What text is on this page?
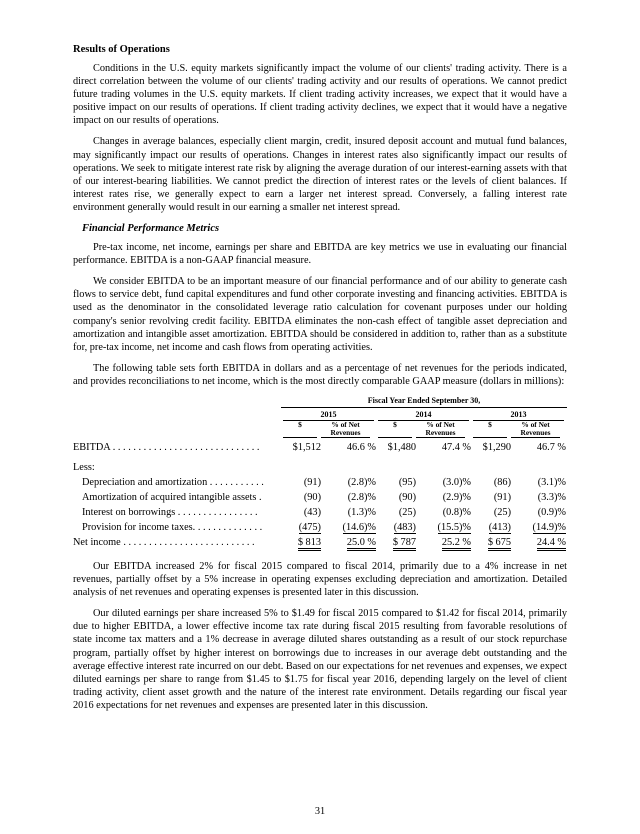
Results of Operations

Conditions in the U.S. equity markets significantly impact the volume of our clients' trading activity. There is a direct correlation between the volume of our clients' trading activity and our results of operations. We cannot predict future trading volumes in the U.S. equity markets. If client trading activity increases, we expect that it would have a positive impact on our results of operations. If client trading activity declines, we expect that it would have a negative impact on our results of operations.

Changes in average balances, especially client margin, credit, insured deposit account and mutual fund balances, may significantly impact our results of operations. Changes in interest rates also significantly impact our results of operations. We seek to mitigate interest rate risk by aligning the average duration of our interest-earning assets with that of our interest-bearing liabilities. We cannot predict the direction of interest rates or the levels of client balances. If interest rates rise, we generally expect to earn a larger net interest spread. Conversely, a falling interest rate environment generally would result in our earning a smaller net interest spread.

Financial Performance Metrics

Pre-tax income, net income, earnings per share and EBITDA are key metrics we use in evaluating our financial performance. EBITDA is a non-GAAP financial measure.

We consider EBITDA to be an important measure of our financial performance and of our ability to generate cash flows to service debt, fund capital expenditures and fund other corporate investing and financing activities. EBITDA is used as the denominator in the consolidated leverage ratio calculation for covenant purposes under our holding company's senior revolving credit facility. EBITDA eliminates the non-cash effect of tangible asset depreciation and amortization and intangible asset amortization. EBITDA should be considered in addition to, rather than as a substitute for, pre-tax income, net income and cash flows from operating activities.

The following table sets forth EBITDA in dollars and as a percentage of net revenues for the periods indicated, and provides reconciliations to net income, which is the most directly comparable GAAP measure (dollars in millions):

Fiscal Year Ended September 30,
2015	2014	2013
$	% of Net Revenues
$	% of Net Revenues
$	% of Net Revenues
EBITDA . . . . . . . . . . . . . . . . . . . . . . . . . . . . .	$1,512	46.6 %	$1,480	47.4 %	$1,290	46.7 %
Less:
Depreciation and amortization . . . . . . . . . . .	(91)	(2.8)%	(95)	(3.0)%	(86)	(3.1)%
Amortization of acquired intangible assets .	(90)	(2.8)%	(90)	(2.9)%	(91)	(3.3)%
Interest on borrowings . . . . . . . . . . . . . . . .	(43)	(1.3)%	(25)	(0.8)%	(25)	(0.9)%
Provision for income taxes. . . . . . . . . . . . . .	(475)	(14.6)%	(483)	(15.5)%	(413)	(14.9)%
Net income . . . . . . . . . . . . . . . . . . . . . . . . . .	$ 813	25.0 %	$ 787	25.2 %	$ 675	24.4 %

Our EBITDA increased 2% for fiscal 2015 compared to fiscal 2014, primarily due to a 4% increase in net revenues, partially offset by a 5% increase in operating expenses excluding depreciation and amortization. Detailed analysis of net revenues and operating expenses is presented later in this discussion.

Our diluted earnings per share increased 5% to $1.49 for fiscal 2015 compared to $1.42 for fiscal 2014, primarily due to higher EBITDA, a lower effective income tax rate during fiscal 2015 resulting from favorable resolutions of state income tax matters and a 1% decrease in average diluted shares outstanding as a result of our stock repurchase program, partially offset by higher interest on borrowings due to increases in our average debt outstanding and the average effective interest rate incurred on our debt. Based on our expectations for net revenues and expenses, we expect diluted earnings per share to range from $1.45 to $1.75 for fiscal year 2016, depending largely on the level of client trading activity, client asset growth and the nature of the interest rate environment. Details regarding our fiscal year 2016 expectations for net revenues and expenses are presented later in this discussion.

31
